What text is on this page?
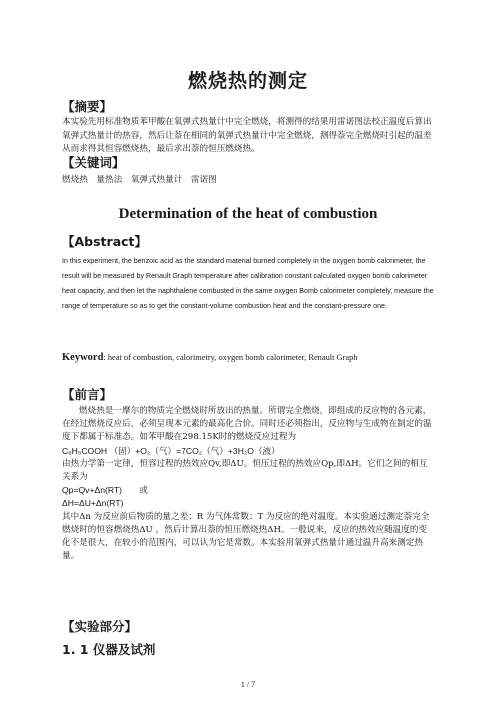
燃烧热的测定
【摘要】

本实验先用标准物质苯甲酸在氧弹式热量计中完全燃烧，将测得的结果用雷诺图法校正温度后算出氧弹式热量计的热容，然后让萘在相同的氧弹式热量计中完全燃烧，测得萘完全燃烧时引起的温差从而求得其恒容燃烧热，最后求出萘的恒压燃烧热。

【关键词】
燃烧热　量热法　氧弹式热量计　雷诺图
Determination of the heat of combustion
【Abstract】
In this experiment, the benzoic acid as the standard material burned completely in the oxygen bomb calorimeter, the result will be measured by Renault Graph temperature after calibration constant calculated oxygen bomb calorimeter heat capacity, and then let the naphthalene combusted in the same oxygen Bomb calorimeter completely, measure the range of temperature so as to get the constant-volume combustion heat and the constant-pressure one.
Keyword: heat of combustion, calorimetry, oxygen bomb calorimeter, Renault Graph
【前言】

燃烧热是一摩尔的物质完全燃烧时所放出的热量。所谓完全燃烧，即组成的反应物的各元素，在经过燃烧反应后，必须呈现本元素的最高化合价。同时还必须指出，反应物与生成物在制定的温度下都属于标准态。如苯甲酸在298.15K时的燃烧反应过程为

C₆H₅COOH （固）+O₂（气）=7CO₂（气）+3H₂O（液）

由热力学第一定律，恒容过程的热效应Qv,即ΔU。恒压过程的热效应Qp,即ΔH。它们之间的相互关系为

Qp=Qv+Δn(RT)　　或

ΔH=ΔU+Δn(RT)

其中Δn 为反应前后物质的量之差；R 为气体常数；T 为反应的绝对温度。本实验通过测定萘完全燃烧时的恒容燃烧热ΔU ，然后计算出萘的恒压燃烧热ΔH。一般说来，反应的热效应随温度的变化不是很大，在较小的范围内，可以认为它是常数。本实验用氧弹式热量计通过温升高来测定热量。

【实验部分】
1. 1 仪器及试剂
1 / 7
